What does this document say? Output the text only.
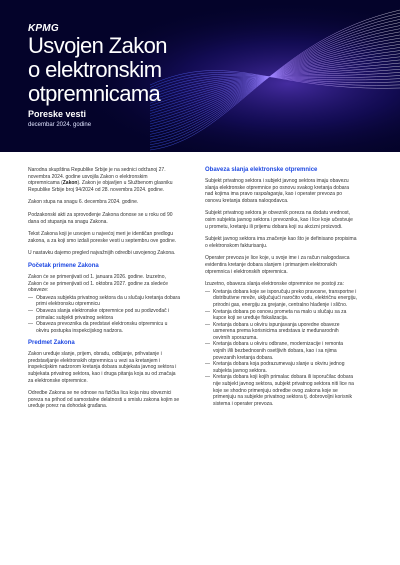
KPMG
Usvojen Zakon
o elektronskim
otpremnicama
Poreske vesti
decembar 2024. godine

Narodna skupština Republike Srbije je na sednici održanoj 27. novembra 2024. godine usvojila Zakon o elektronskim otpremnicama (Zakon). Zakon je objavljen u Službenom glasniku Republike Srbije broj 94/2024 od 28. novembra 2024. godine.

Zakon stupa na snagu 6. decembra 2024. godine.

Podzakonski akti za sprovođenje Zakona donose se u roku od 90 dana od stupanja na snagu Zakona.

Tekst Zakona koji je usvojen u najvećoj meri je identičan predlogu zakona, a za koji smo izdali poreske vesti u septembru ove godine.

U nastavku dajemo pregled najvažnijih odredbi usvojenog Zakona.

Početak primene Zakona

Zakon će se primenjivati od 1. januara 2026. godine. Izuzetno, Zakon će se primenjivati od 1. oktobra 2027. godine za sledeće obaveze:

— Obaveza subjekta privatnog sektora da u slučaju kretanja dobara primi elektronsku otpremnicu
— Obaveza slanja elektronske otpremnice pod su podizvođač i primalac subjekti privatnog sektora
— Obaveza prevoznika da predstavi elektronsku otpremnicu u okviru postupka inspekcijskog nadzora.
Predmet Zakona

Zakon uređuje slanje, prijem, obradu, odbijanje, prihvatanje i predstavljanje elektronskih otpremnica u vezi sa kretanjem i inspekcijskim nadzorom kretanja dobara subjekata javnog sektora i subjekata privatnog sektora, kao i druga pitanja koja su od značaja za elektronske otpremnice.

Odredbe Zakona se ne odnose na fizička lica koja nisu obveznici poreza na prihod od samostalne delatnosti u smislu zakona kojim se uređuje porez na dohodak građana.

Obaveza slanja elektronske otpremnice

Subjekt privatnog sektora i subjekt javnog sektora imaju obavezu slanja elektronske otpremnice po osnovu svakog kretanja dobara nad kojima ima pravo raspolaganja, kao i operater prevoza po osnovu kretanja dobara naloqodavca.

Subjekt privatnog sektora je obveznik poreza na dodatu vrednost, osim subjekta javnog sektora i prevoznika, kao i lice koje učestvuje u prometu, kretanju ili prijemu dobara koji su akcizni proizvodi.

Subjekt javnog sektora ima značenje kao što je definisano propisima o elektronskom fakturisanju.

Operater prevoza je lice koje, u svoje ime i za račun nalogodavca evidentira kretanje dobara slanjem i primanjem elektronskih otpremnica i elektronskih otpremnica.

Izuzetno, obaveza slanja elektronske otpremnice ne postoji za:

— Kretanja dobara koje se isporučuju preko pravosne, transportne i distributivne mreže, uključujući naročito vodu, električnu energiju, prirodni gas, energiju za grejanje, centralno hlađenje i slično.
— Kretanja dobara po osnovu prometa na malo u slučaju sa za kupce koji se uređuje fiskalizacija.
— Kretanja dobara u okviru ispunjavanja uporedne obaveze usmerena prema korisnicima sredstava iz međunarodnih ovvirnih sporazuma.
— Kretanja dobara u okviru odbrane, modernizacije i remonta vojnih i/ili bezbednosnih osetljivih dobara, kao i sa njima povezanih kretanja dobara.
— Kretanja dobara koja podrazumevaju slanje u okviru jednog subjekta javnog sektora.
— Kretanja dobara koji kojih primalac dobara ili isporučilac dobara nije subjekt javnog sektora, subjekt privatnog sektora niti lice na koje se shodno primenjuju odredbe ovog zakona koje se primenjuju na subjekte privatnog sektora tj. dobrovoljni korisnik sistema i operater prevoza.
